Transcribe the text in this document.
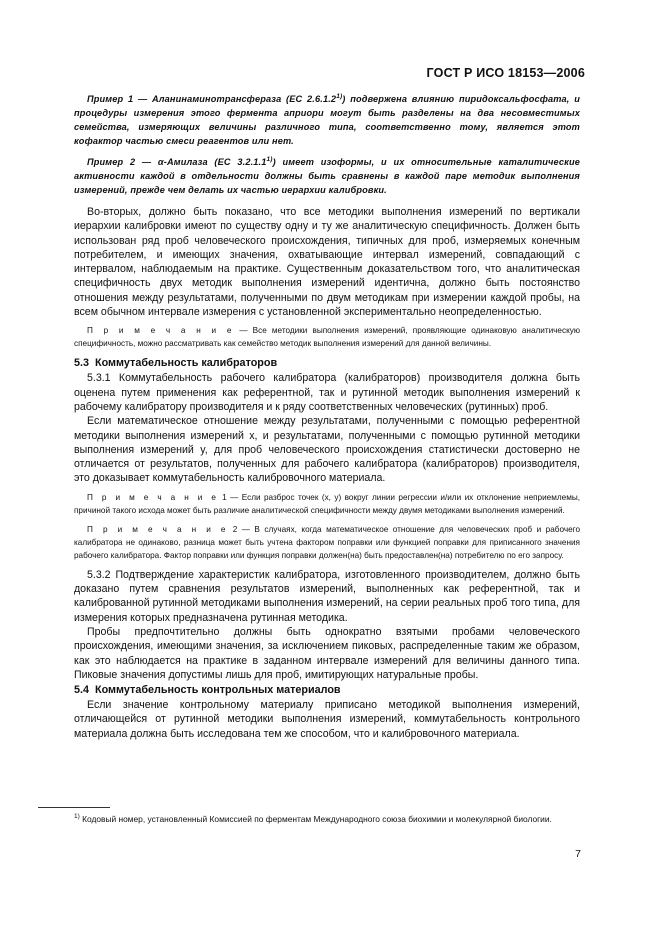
ГОСТ Р ИСО 18153—2006

Пример 1 — Аланинаминотрансфераза (EC 2.6.1.2$^{1)}$) подвержена влиянию пиридоксальфосфата, и процедуры измерения этого фермента априори могут быть разделены на два несовместимых семейства, измеряющих величины различного типа, соответственно тому, является этот кофактор частью смеси реагентов или нет.

Пример 2 — α-Амилаза (EC 3.2.1.1$^{1)}$) имеет изоформы, и их относительные каталитические активности каждой в отдельности должны быть сравнены в каждой паре методик выполнения измерений, прежде чем делать их частью иерархии калибровки.

Во-вторых, должно быть показано, что все методики выполнения измерений по вертикали иерархии калибровки имеют по существу одну и ту же аналитическую специфичность. Должен быть использован ряд проб человеческого происхождения, типичных для проб, измеряемых конечным потребителем, и имеющих значения, охватывающие интервал измерений, совпадающий с интервалом, наблюдаемым на практике. Существенным доказательством того, что аналитическая специфичность двух методик выполнения измерений идентична, должно быть постоянство отношения между результатами, полученными по двум методикам при измерении каждой пробы, на всем обычном интервале измерения с установленной экспериментально неопределенностью.

П р и м е ч а н и е — Все методики выполнения измерений, проявляющие одинаковую аналитическую специфичность, можно рассматривать как семейство методик выполнения измерений для данной величины.

5.3 Коммутабельность калибраторов

5.3.1 Коммутабельность рабочего калибратора (калибраторов) производителя должна быть оценена путем применения как референтной, так и рутинной методик выполнения измерений к рабочему калибратору производителя и к ряду соответственных человеческих (рутинных) проб.

Если математическое отношение между результатами, полученными с помощью референтной методики выполнения измерений x, и результатами, полученными с помощью рутинной методики выполнения измерений y, для проб человеческого происхождения статистически достоверно не отличается от результатов, полученных для рабочего калибратора (калибраторов) производителя, это доказывает коммутабельность калибровочного материала.

П р и м е ч а н и е 1 — Если разброс точек (x, y) вокруг линии регрессии и/или их отклонение неприемлемы, причиной такого исхода может быть различие аналитической специфичности между двумя методиками выполнения измерений.

П р и м е ч а н и е 2 — В случаях, когда математическое отношение для человеческих проб и рабочего калибратора не одинаково, разница может быть учтена фактором поправки или функцией поправки для приписанного значения рабочего калибратора. Фактор поправки или функция поправки должен(на) быть предоставлен(на) потребителю по его запросу.

5.3.2 Подтверждение характеристик калибратора, изготовленного производителем, должно быть доказано путем сравнения результатов измерений, выполненных как референтной, так и калиброванной рутинной методиками выполнения измерений, на серии реальных проб того типа, для измерения которых предназначена рутинная методика.

Пробы предпочтительно должны быть однократно взятыми пробами человеческого происхождения, имеющими значения, за исключением пиковых, распределенные таким же образом, как это наблюдается на практике в заданном интервале измерений для величины данного типа. Пиковые значения допустимы лишь для проб, имитирующих натуральные пробы.

5.4 Коммутабельность контрольных материалов

Если значение контрольному материалу приписано методикой выполнения измерений, отличающейся от рутинной методики выполнения измерений, коммутабельность контрольного материала должна быть исследована тем же способом, что и калибровочного материала.

$^{1)}$ Кодовый номер, установленный Комиссией по ферментам Международного союза биохимии и молекулярной биологии.

7
